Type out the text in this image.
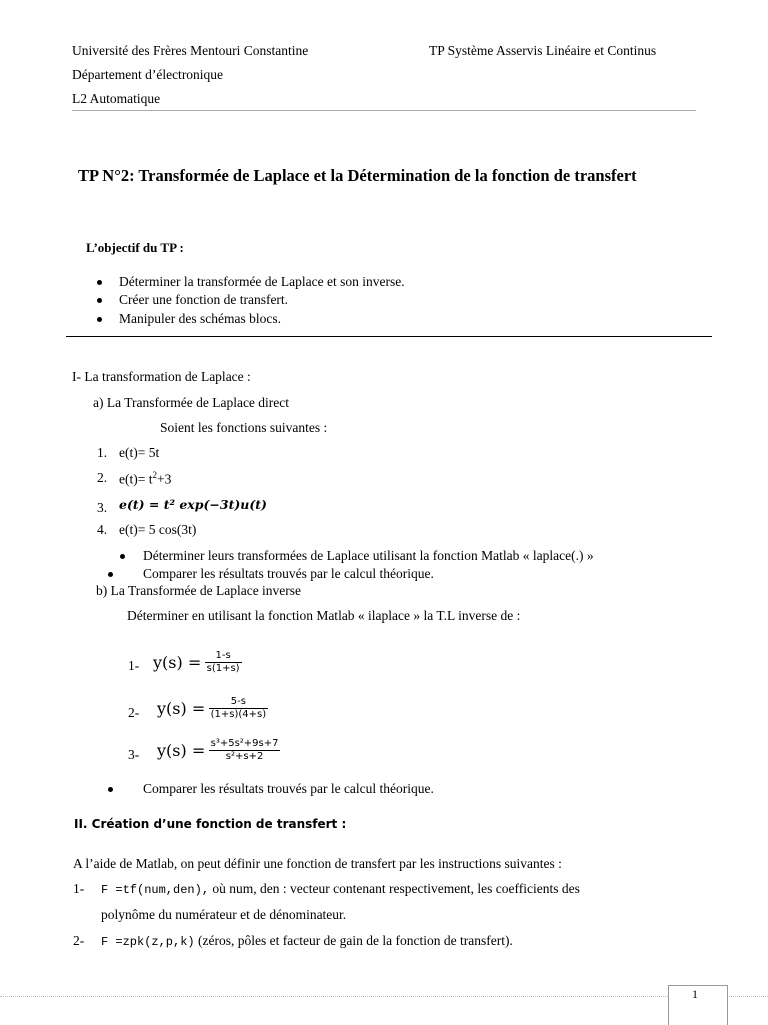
Université des Frères Mentouri Constantine	TP Système Asservis Linéaire et Continus
Département d’électronique
L2 Automatique
TP N°2: Transformée de Laplace et la Détermination de la fonction de transfert
L’objectif du TP :
Déterminer la transformée de Laplace et son inverse.
Créer une fonction de transfert.
Manipuler des schémas blocs.
I- La transformation de Laplace :
a) La Transformée de Laplace direct
Soient les fonctions suivantes :
1. e(t)= 5t
2. $e(t)= t^2+3$
3. e(t) = t² exp(−3t)u(t)
4. e(t)= 5 cos(3t)
Déterminer leurs transformées de Laplace utilisant la fonction Matlab « laplace(.) »
Comparer les résultats trouvés par le calcul théorique.
b) La Transformée de Laplace inverse
Déterminer en utilisant la fonction Matlab « ilaplace » la T.L inverse de :
1- $y(s) = \frac{1-s}{s(1+s)}$
2- $y(s) = \frac{5-s}{(1+s)(4+s)}$
3- $y(s) = \frac{\text{s³+5s²+9s+7}}{\text{s²+s+2}}$
Comparer les résultats trouvés par le calcul théorique.
II. Création d’une fonction de transfert :
A l’aide de Matlab, on peut définir une fonction de transfert par les instructions suivantes :
1- F =tf(num,den), où num, den : vecteur contenant respectivement, les coefficients des
polynôme du numérateur et de dénominateur.
2- F =zpk(z,p,k) (zéros, pôles et facteur de gain de la fonction de transfert).
1
